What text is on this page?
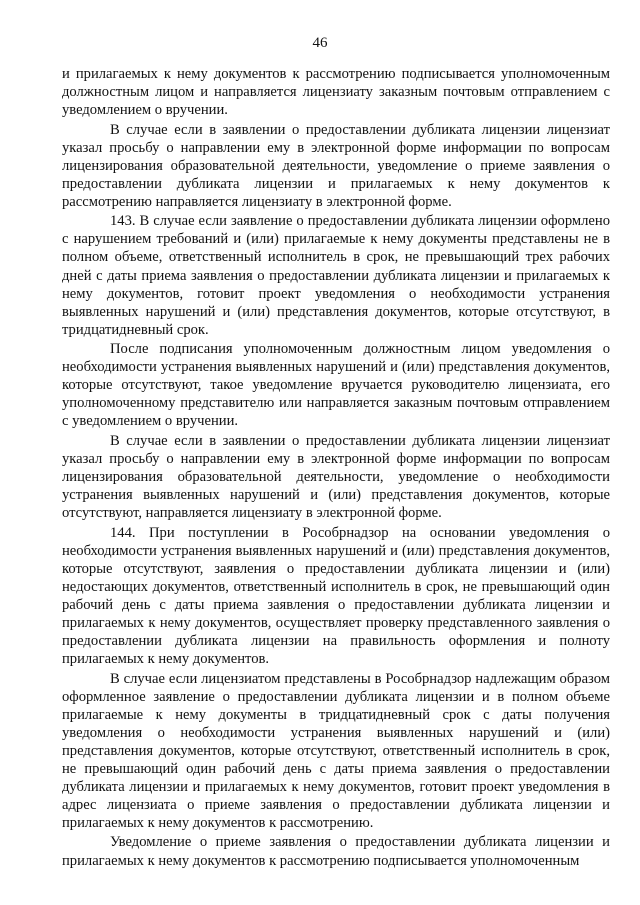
46

и прилагаемых к нему документов к рассмотрению подписывается уполномоченным должностным лицом и направляется лицензиату заказным почтовым отправлением с уведомлением о вручении.

В случае если в заявлении о предоставлении дубликата лицензии лицензиат указал просьбу о направлении ему в электронной форме информации по вопросам лицензирования образовательной деятельности, уведомление о приеме заявления о предоставлении дубликата лицензии и прилагаемых к нему документов к рассмотрению направляется лицензиату в электронной форме.

143. В случае если заявление о предоставлении дубликата лицензии оформлено с нарушением требований и (или) прилагаемые к нему документы представлены не в полном объеме, ответственный исполнитель в срок, не превышающий трех рабочих дней с даты приема заявления о предоставлении дубликата лицензии и прилагаемых к нему документов, готовит проект уведомления о необходимости устранения выявленных нарушений и (или) представления документов, которые отсутствуют, в тридцатидневный срок.

После подписания уполномоченным должностным лицом уведомления о необходимости устранения выявленных нарушений и (или) представления документов, которые отсутствуют, такое уведомление вручается руководителю лицензиата, его уполномоченному представителю или направляется заказным почтовым отправлением с уведомлением о вручении.

В случае если в заявлении о предоставлении дубликата лицензии лицензиат указал просьбу о направлении ему в электронной форме информации по вопросам лицензирования образовательной деятельности, уведомление о необходимости устранения выявленных нарушений и (или) представления документов, которые отсутствуют, направляется лицензиату в электронной форме.

144. При поступлении в Рособрнадзор на основании уведомления о необходимости устранения выявленных нарушений и (или) представления документов, которые отсутствуют, заявления о предоставлении дубликата лицензии и (или) недостающих документов, ответственный исполнитель в срок, не превышающий один рабочий день с даты приема заявления о предоставлении дубликата лицензии и прилагаемых к нему документов, осуществляет проверку представленного заявления о предоставлении дубликата лицензии на правильность оформления и полноту прилагаемых к нему документов.

В случае если лицензиатом представлены в Рособрнадзор надлежащим образом оформленное заявление о предоставлении дубликата лицензии и в полном объеме прилагаемые к нему документы в тридцатидневный срок с даты получения уведомления о необходимости устранения выявленных нарушений и (или) представления документов, которые отсутствуют, ответственный исполнитель в срок, не превышающий один рабочий день с даты приема заявления о предоставлении дубликата лицензии и прилагаемых к нему документов, готовит проект уведомления в адрес лицензиата о приеме заявления о предоставлении дубликата лицензии и прилагаемых к нему документов к рассмотрению.

Уведомление о приеме заявления о предоставлении дубликата лицензии и прилагаемых к нему документов к рассмотрению подписывается уполномоченным
